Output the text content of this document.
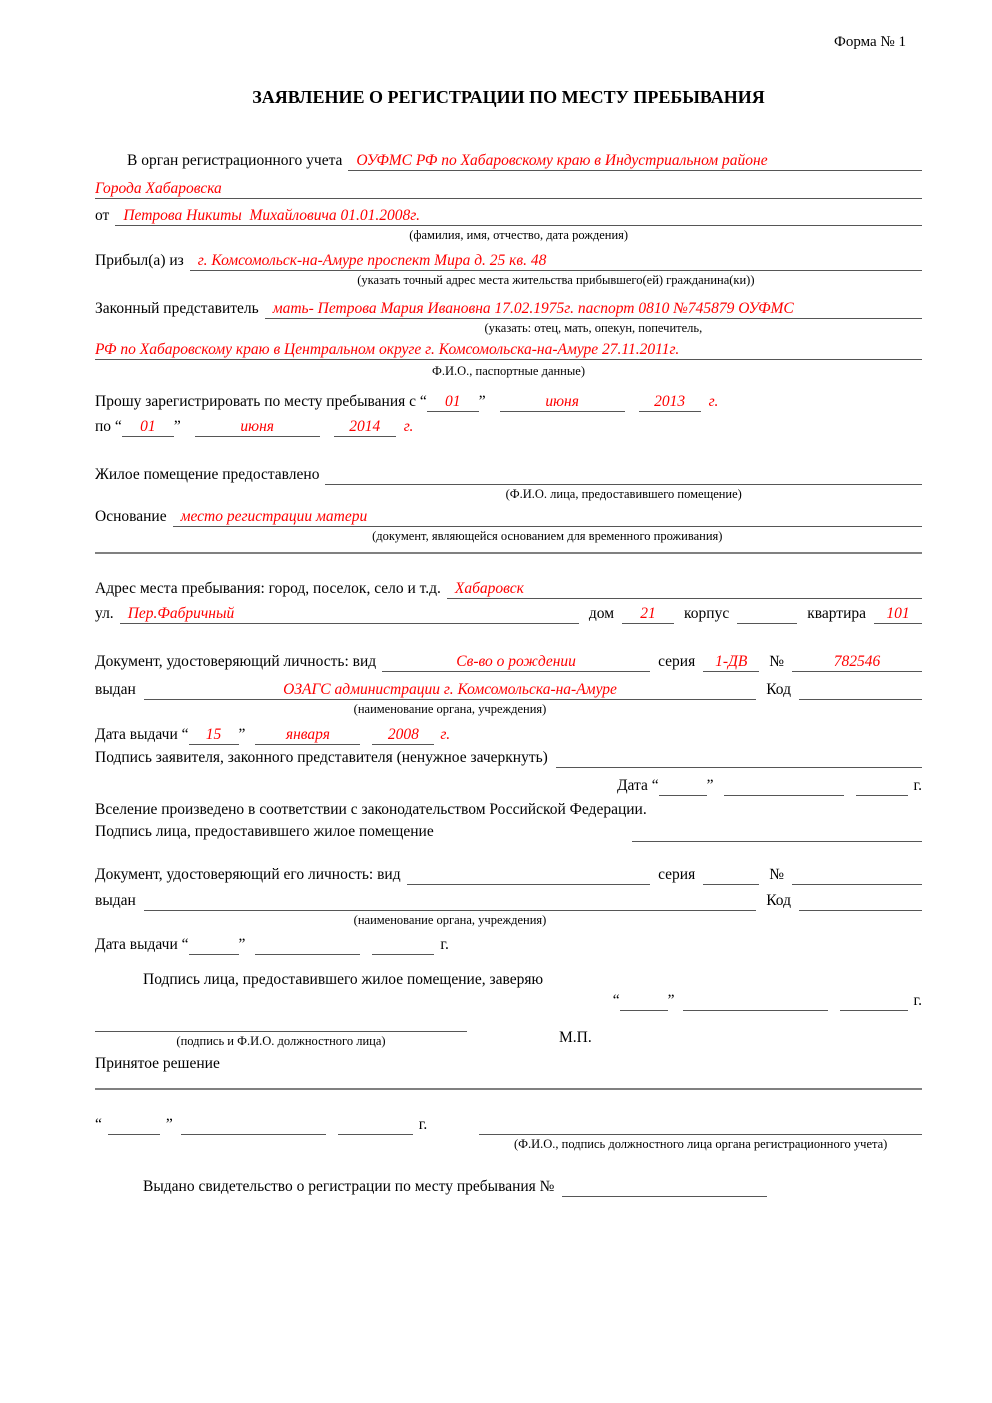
Форма № 1
ЗАЯВЛЕНИЕ О РЕГИСТРАЦИИ ПО МЕСТУ ПРЕБЫВАНИЯ
В орган регистрационного учета ОУФМС РФ по Хабаровскому краю в Индустриальном районе
Города Хабаровска
от Петрова Никиты  Михайловича 01.01.2008г.
(фамилия, имя, отчество, дата рождения)
Прибыл(а) из г. Комсомольск-на-Амуре проспект Мира д. 25 кв. 48
(указать точный адрес места жительства прибывшего(ей) гражданина(ки))
Законный представитель мать- Петрова Мария Ивановна 17.02.1975г. паспорт 0810 №745879 ОУФМС
(указать: отец, мать, опекун, попечитель,
РФ по Хабаровскому краю в Центральном округе г. Комсомольска-на-Амуре 27.11.2011г.
Ф.И.О., паспортные данные)
Прошу зарегистрировать по месту пребывания с “	01	”	июня	2013	г.
по “	01	”	июня	2014	г.
Жилое помещение предоставлено
(Ф.И.О. лица, предоставившего помещение)
Основание место регистрации матери
(документ, являющейся основанием для временного проживания)
Адрес места пребывания: город, поселок, село и т.д. Хабаровск
ул. Пер.Фабричный	дом	21	корпус	квартира	101
Документ, удостоверяющий личность: вид	Св-во о рождении	серия	1-ДВ	№	782546
выдан	ОЗАГС администрации г. Комсомольска-на-Амуре
(наименование органа, учреждения)
Код
Дата выдачи “	15	”	января	2008	г.
Подпись заявителя, законного представителя (ненужное зачеркнуть)
Дата “	”	г.
Вселение произведено в соответствии с законодательством Российской Федерации.
Подпись лица, предоставившего жилое помещение
Документ, удостоверяющий его личность: вид	серия	№
выдан
(наименование органа, учреждения)
Код
Дата выдачи “	”	г.
Подпись лица, предоставившего жилое помещение, заверяю
“	”	г.
(подпись и Ф.И.О. должностного лица)	М.П.
Принятое решение
“	”	г.
(Ф.И.О., подпись должностного лица органа регистрационного учета)
Выдано свидетельство о регистрации по месту пребывания №
